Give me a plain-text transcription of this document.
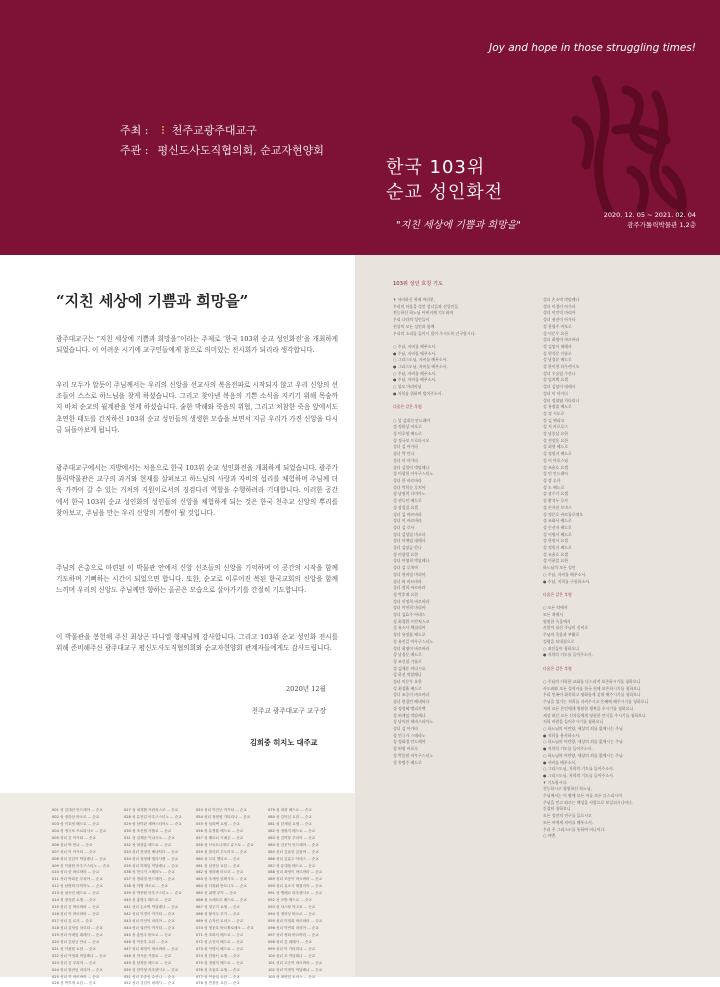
Joy and hope in those struggling times!
주최 : ⫶ 천주교광주대교구
주관 : 평신도사도직협의회, 순교자현양회
한국 103위
순교 성인화전
"지친 세상에 기쁨과 희망을"
2020. 12. 05 ~ 2021. 02. 04
광주가톨릭박물관 1,2층
“지친 세상에 기쁨과 희망을”

광주대교구는 “지친 세상에 기쁨과 희망을”이라는 주제로 ‘한국 103위 순교 성인화전’을 개최하게 되었습니다. 이 어려운 시기에 교구민들에게 참으로 의미있는 전시회가 되리라 생각합니다.

우리 모두가 알듯이 주님께서는 우리의 신앙을 선교사의 복음전파로 시작되지 않고 우리 신앙의 선조들이 스스로 하느님을 찾게 하셨습니다. 그리고 찾아낸 복음의 기쁜 소식을 지키기 위해 목숨까지 바쳐 순교의 월계관을 얻게 하셨습니다. 숱한 박해와 죽음의 위협, 그리고 처참한 죽음 앞에서도 초연한 태도를 간직하신 103위 순교 성인들의 생생한 모습을 보면서 지금 우리가 가진 신앙을 다시금 되돌아보게 됩니다.

광주대교구에서는 지방에서는 처음으로 한국 103위 순교 성인화전을 개최하게 되었습니다. 광주가톨릭박물관은 교구의 과거와 현재를 살펴보고 하느님의 사랑과 자비의 섭리를 체험하며 주님께 더욱 가까이 갈 수 있는 거처의 지원이로서의 징검다리 역할을 수행하려라 기대합니다. 이러한 공간에서 한국 103위 순교 성인화의 성인들의 신앙을 체험하게 되는 것은 한국 천주교 신앙의 뿌리를 찾아보고, 주님을 만는 우리 신앙의 기쁨이 될 것입니다.

주님의 은총으로 마련된 이 박물관 안에서 신앙 선조들의 신앙을 기억하며 이 공간의 시작을 함께 기도하며 기뻐하는 시간이 되었으면 합니다. 또한, 순교로 이루어진 복된 한국교회의 신앙을 함께 느끼며 우리의 신앙도 주님께만 향하는 올곧은 모습으로 살아가기를 간절히 기도합니다.

이 박물관을 봉헌해 주신 최상곤 다니엘 형제님께 감사합니다. 그리고 103위 순교 성인화 전시를 위해 준비해주신 광주대교구 평신도사도직협의회와 순교자현양회 관계자들에게도 감사드립니다.

2020년 12월
천주교 광주대교구 교구장
김희중 히지노 대주교
001 성 김대건 안드레아 ... 순교
002 성 정하상 바오로 ... 순교
003 성 이호영 베드로 ... 순교
004 성 정국보 프로타시오 ... 순교
005 성녀 김 아가타 ... 순교
006 성녀 박 안나 ... 순교
007 성녀 이 아가타 ... 순교
008 성녀 김업이 막달레나 ... 순교
009 성 이광헌 아우구스티노 ... 순교
010 성녀 한 바르바라 ... 순교
011 성녀 박희순 루치아 ... 순교
012 성 남명혁 다미아노 ... 순교
013 성 권득인 베드로 ... 순교
014 성 장성집 요셉 ... 순교
015 성녀 김 바르바라 ... 순교
016 성녀 이 바르바라 ... 순교
017 성녀 김 로사 ... 순교
018 성녀 김성임 마르타 ... 순교
019 성녀 이매임 데레사 ... 순교
020 성녀 김장금 안나 ... 순교
021 성 이광렬 요한 ... 순교
022 성녀 이영희 막달레나 ... 순교
023 성녀 김 루치아 ... 순교
024 성녀 원귀임 마리아 ... 순교
025 성녀 허 바르바라 ... 순교
026 성 박후재 요한 ... 순교
027 성 최경환 프란치스코 ... 순교
028 성 유진길 아우구스티노 ... 순교
029 성 남이관 세바스티아노 ... 순교
030 성 조신철 가롤로 ... 순교
031 성 김제준 이냐시오 ... 순교
032 성 최창흡 베드로 ... 순교
033 성녀 현경련 베네딕다 ... 순교
034 성녀 정정혜 엘리사벳 ... 순교
035 성녀 허계임 막달레나 ... 순교
036 성 민극가 스테파노 ... 순교
037 성 정화경 안드레아 ... 순교
038 성 허협 바오로 ... 순교
039 성 박종원 아우구스티노 ... 순교
040 성 홍병주 베드로 ... 순교
041 성녀 손소벽 막달레나 ... 순교
042 성녀 이경이 아가타 ... 순교
043 성녀 이인덕 마리아 ... 순교
044 성녀 권진이 아가타 ... 순교
045 성 홍영주 바오로 ... 순교
046 성 이문우 요한 ... 순교
047 성녀 최영이 바르바라 ... 순교
048 성 현석문 가롤로 ... 순교
049 성 남경문 베드로 ... 순교
050 성 한이형 라우렌시오 ... 순교
051 성녀 우술임 수산나 ... 순교
052 성녀 김임이 데레사 ... 순교
053 성녀 이간난 아가타 ... 순교
054 성녀 정철염 가타리나 ... 순교
055 성 임치백 요셉 ... 순교
056 성 유정률 베드로 ... 순교
057 성 베르뇌 시메온 ... 순교
058 성 브르트니에르 유스토 ... 순교
059 성 볼리외 루도비코 ... 순교
060 성 도리 헨리코 ... 순교
061 성 남종삼 요한 ... 순교
062 성 정의배 마르코 ... 순교
063 성 우세영 알렉시오 ... 순교
064 성 다블뤼 안토니오 ... 순교
065 성 위앵 루카 ... 순교
066 성 오메트르 베드로 ... 순교
067 성 장주기 요셉 ... 순교
068 성 황석두 루카 ... 순교
069 성 손자선 토마스 ... 순교
070 성 정문호 바르톨로메오 ... 순교
071 성 조화서 베드로 ... 순교
072 성 손선지 베드로 ... 순교
073 성 이명서 베드로 ... 순교
074 성 한원서 요셉 ... 순교
075 성 정원지 베드로 ... 순교
076 성 조윤호 요셉 ... 순교
077 성 이윤일 요한 ... 순교
078 성 전장운 요한 ... 순교
079 성 최형 베드로 ... 순교
080 성 김덕심 요한 ... 순교
081 성 한재권 요셉 ... 순교
082 성 정원지 베드로 ... 순교
083 성 김여항 루치아 ... 순교
084 성 김문덕 안드레아 ... 순교
085 성녀 김효임 골룸바 ... 순교
086 성녀 김효주 아네스 ... 순교
087 성 유대철 베드로 ... 순교
088 성녀 최영이 바르바라 ... 순교
089 성녀 조증이 바르바라 ... 순교
090 성녀 유소사 체칠리아 ... 순교
091 성 앵베르 라우렌시오 ... 순교
092 성 모방 베드로 ... 순교
093 성 샤스탕 야고보 ... 순교
094 성 정하상 바오로 ... 순교
095 성녀 이정희 바르바라 ... 순교
096 성녀 이연희 마리아 ... 순교
097 성녀 정희 바르바라 ... 순교
098 성녀 김 데레사 ... 순교
099 성녀 이 가타리나 ... 순교
100 성녀 조 막달레나 ... 순교
101 성녀 고순이 바르바라 ... 순교
102 성녀 이영덕 막달레나 ... 순교
103 성 최양업 토마스 ... 순교
103위 성인 호칭 기도
✝ 자비하신 형제 여러분,
우리의 마음을 성인 성녀들과 신앙인들
전능하신 하느님 아버지께 기도하며
우리 나라의 성인들이
천상의 모든 성인과 함께
우리의 소리를 들어서 빌어 주시도록 간구합시다.

○ 주님, 자비를 베푸소서.
● 주님, 자비를 베푸소서.
○ 그리스도님, 자비를 베푸소서.
● 그리스도님, 자비를 베푸소서.
○ 주님, 자비를 베푸소서.
● 주님, 자비를 베푸소서.
○ 성모 마리아님
● 저희를 위하여 빌어주소서.

다음은 같은 후렴

○ 성 김대건 안드레아
성 정하상 바오로
성 이호영 베드로
성 정국보 프로타시오
성녀 김 아가타
성녀 박 안나
성녀 이 아가타
성녀 김업이 막달레나
성 이광헌 아우구스티노
성녀 한 바르바라
성녀 박희순 루치아
성 남명혁 다미아노
성 권득인 베드로
성 장성집 요셉
성녀 김 바르바라
성녀 이 바르바라
성녀 김 로사
성녀 김성임 마르타
성녀 이매임 데레사
성녀 김장금 안나
성 이광렬 요한
성녀 이영희 막달레나
성녀 김 루치아
성녀 원귀임 마리아
성녀 허 바르바라
성녀 정희 바르바라
성 박후재 요한
성녀 이정희 바르바라
성녀 이연희 마리아
성녀 김효주 아네스
성 최경환 프란치스코
성 유소사 체칠리아
성녀 유정률 베드로
성 유진길 아우구스티노
성녀 최영이 바르바라
성 남경문 베드로
성 조신철 가롤로
성 김제준 이냐시오
성 하선 막달레나
성녀 이문우 요한
성 최창흡 베드로
성녀 조증이 바르바라
성녀 현경련 베네딕다
성 정정혜 엘리사벳
성 허계임 막달레나
성 남이관 세바스티아노
성녀 김 아가타
성 민극가 스테파노
성 정화경 안드레아
성 허협 바오로
성 박종원 아우구스티노
성 홍병주 베드로
성녀 손소벽 막달레나
성녀 이경이 아가타
성녀 이인덕 마리아
성녀 권진이 아가타
성 홍영주 바오로
성 이문우 요한
성녀 최영이 바르바라
성 김임이 데레사
성 현석문 가롤로
성 남경문 베드로
성 한이형 라우렌시오
성녀 우술임 수산나
성 임치백 요셉
성녀 김임이 데레사
성녀 이 아가다
성녀 정철염 가타리나
성 유정률 베드로
성 정 시도로
성 김 헨리코
성 지 카로루스
성 남종삼 요한
성 전장운 요한
성 최형 베드로
성 정원지 베드로
성 이 아오스딩
성 조윤호 요셉
성 민 안드레아
성 장 루카
성 도 베드로
성 장주기 요셉
성 황석두 루카
성 손자선 토마스
성 정문호 바르톨로메오
성 조화서 베드로
성 손선지 베드로
성 이명서 베드로
성 한원서 요셉
성 정원지 베드로
성 조윤호 요셉
성 이윤일 요한
하느님의 모든 성인
○ 주님, 자비를 베푸소서.
● 주님, 저희를 구원하소서.

다음은 같은 후렴

○ 모든 악에서
모든 죄에서
영원한 죽음에서
사람이 되신 주님의 신비로
주님의 죽음과 부활로
성령을 보내심으로
○ 죄인들이 청하오니
● 저희의 기도를 들어주소서.

다음은 같은 후렴

○ 주님의 거룩한 교회를 다스리며 보존하시기를 청하오니
사도좌와 모든 성직자를 한국 천에 보존하시기를 청하오니
우리 민족이 화목하고 평화롭게 살게 해주시기를 청하오니
주님을 섬기는 저희를 지켜주시고 은혜에 해주시기를 청하오니
저희 모든 은인에게 영원한 행복을 주시기를 청하오니
세상 떠난 모든 신자들에게 영원한 안식을 주시기를 청하오니
저희 바람을 들어주시기를 청하오니
○ 하느님의 어린양, 세상의 죄를 없애시는 주님
● 저희를 용서하소서.
○ 하느님의 어린양, 세상의 죄를 없애시는 주님
● 저희의 기도를 들어주소서.
○ 하느님의 어린양, 세상의 죄를 없애시는 주님
● 자비를 베푸소서.
○ 그리스도님, 저희의 기도를 들어주소서.
● 그리스도님, 저희의 기도를 들어주소서.
✝ 기도합시다.
전능하시고 영원하신 하느님,
주님께서는 이 땅에 모든 이를 모두 다스리시며
주님을 믿고 따르는 백성을 사랑으로 보살피시나이다.
간절히 청하오니
모든 성인의 전구를 들으시고
모든 이에게 자비를 베푸소서.
우리 주 그리스도를 통하여 비나이다.
○ 아멘.
